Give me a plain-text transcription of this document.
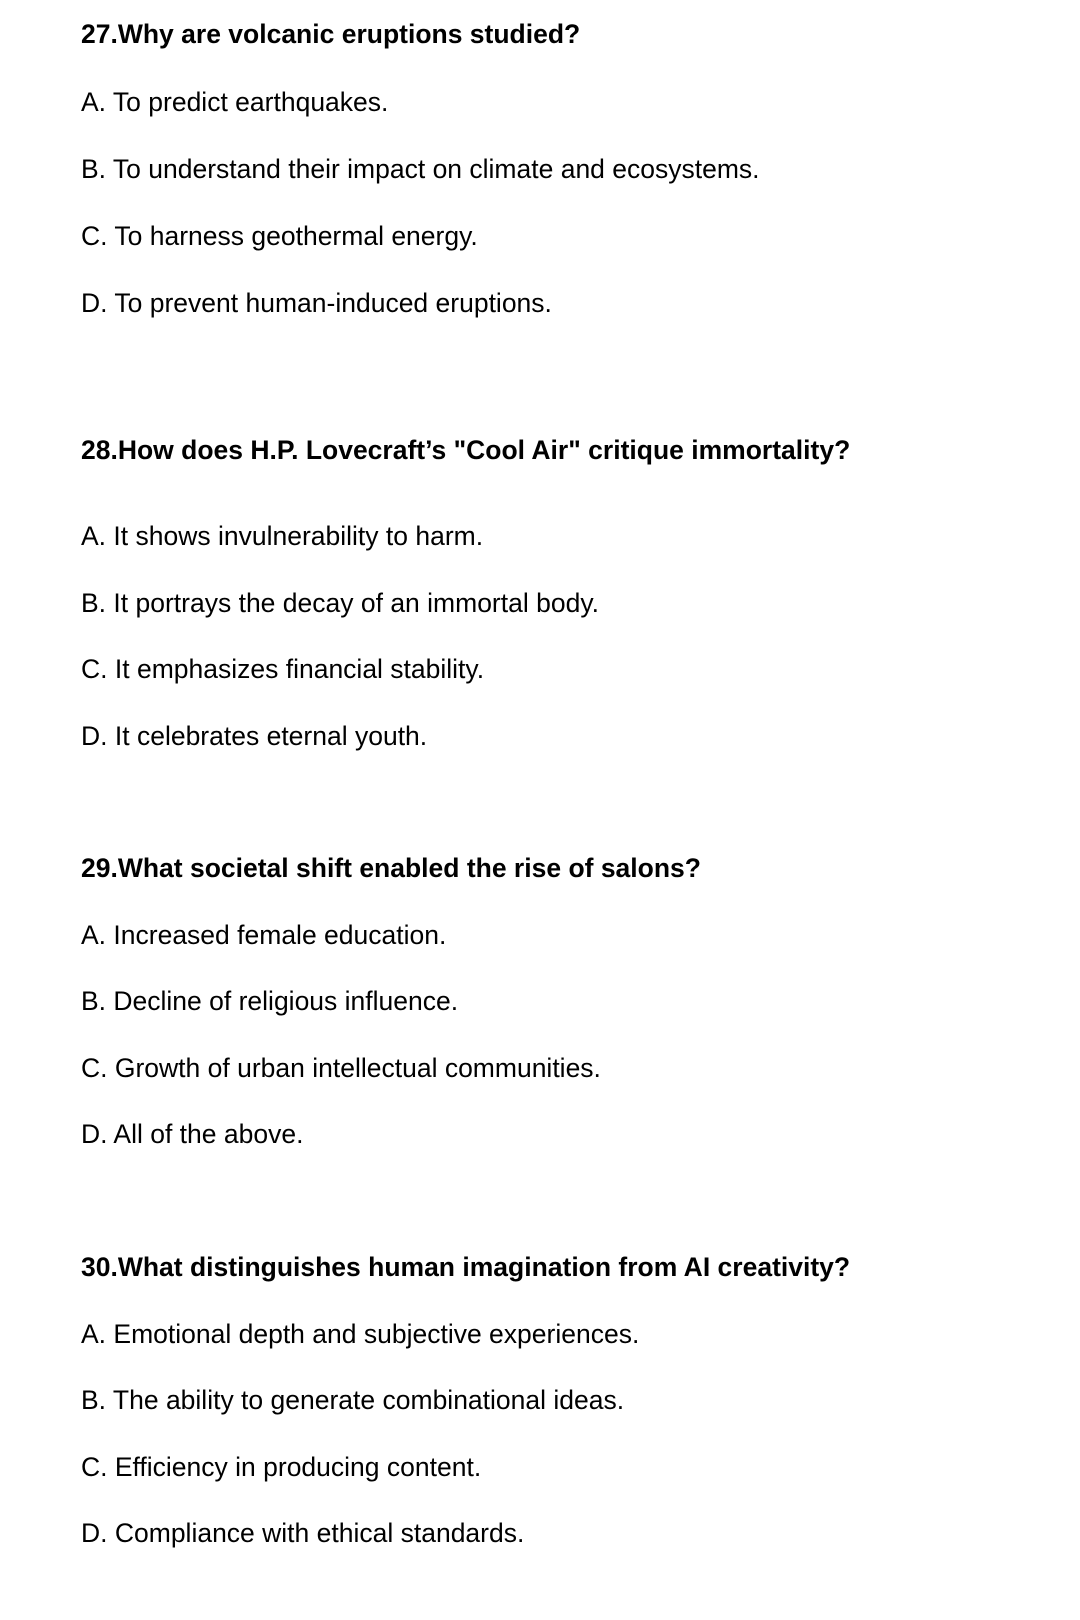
27.Why are volcanic eruptions studied?
A. To predict earthquakes.
B. To understand their impact on climate and ecosystems.
C. To harness geothermal energy.
D. To prevent human-induced eruptions.
28.How does H.P. Lovecraft’s "Cool Air" critique immortality?
A. It shows invulnerability to harm.
B. It portrays the decay of an immortal body.
C. It emphasizes financial stability.
D. It celebrates eternal youth.
29.What societal shift enabled the rise of salons?
A. Increased female education.
B. Decline of religious influence.
C. Growth of urban intellectual communities.
D. All of the above.
30.What distinguishes human imagination from AI creativity?
A. Emotional depth and subjective experiences.
B. The ability to generate combinational ideas.
C. Efficiency in producing content.
D. Compliance with ethical standards.
